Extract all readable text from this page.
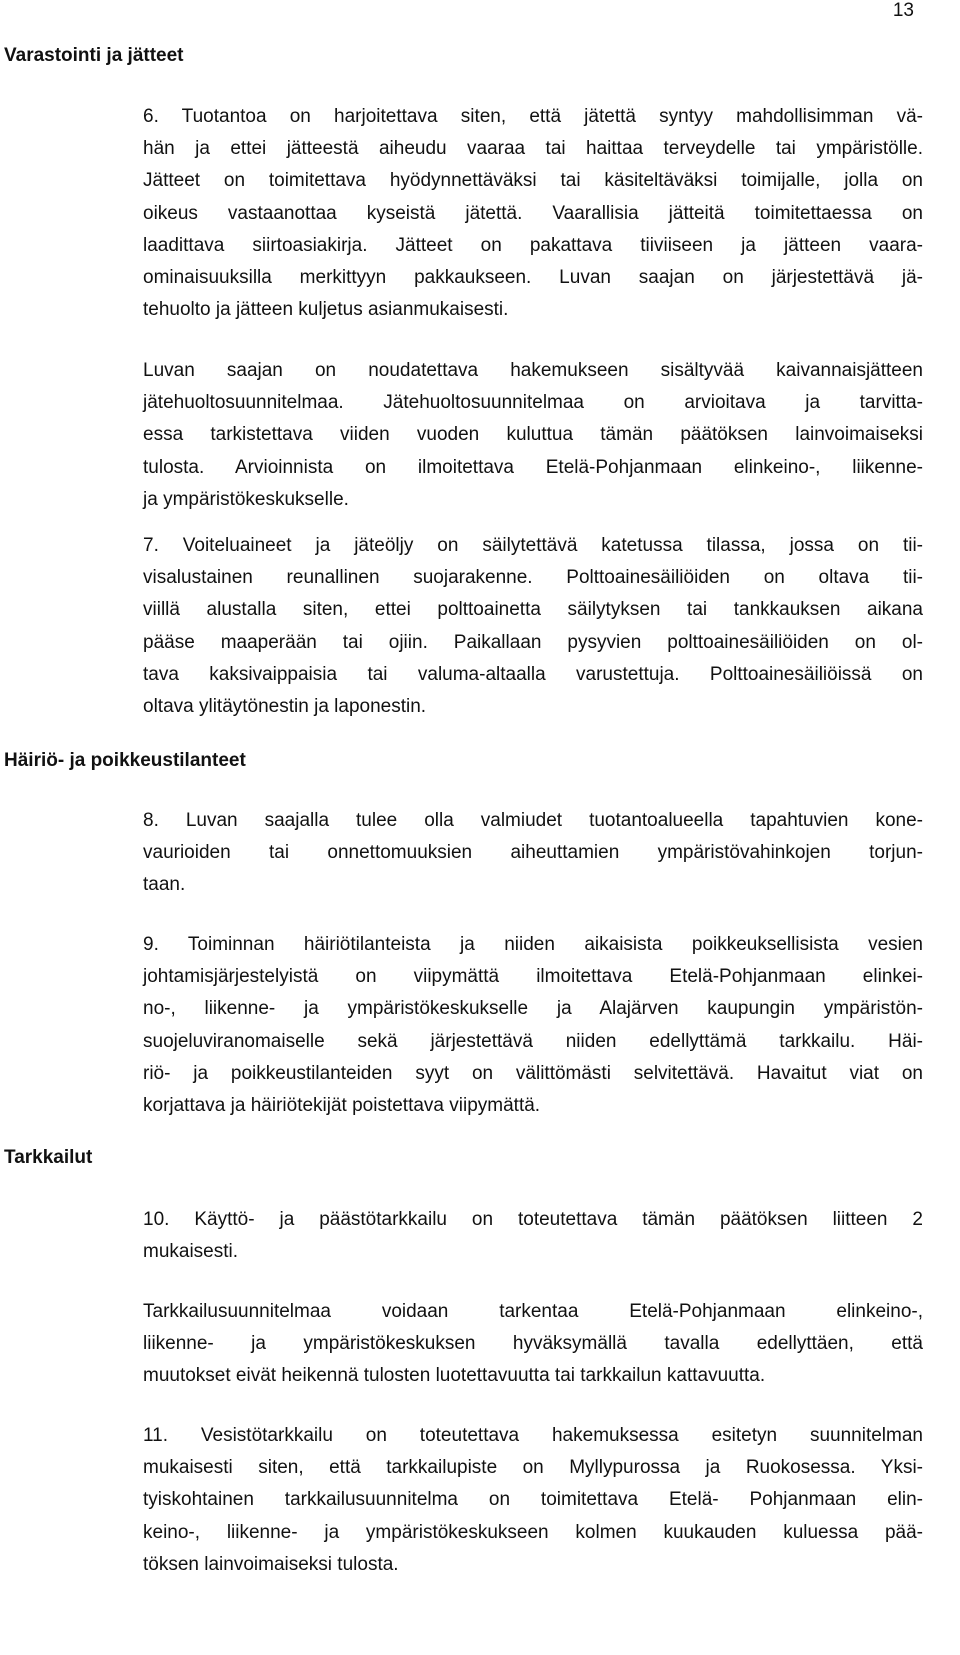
13
Varastointi ja jätteet
6. Tuotantoa on harjoitettava siten, että jätettä syntyy mahdollisimman vä-
hän ja ettei jätteestä aiheudu vaaraa tai haittaa terveydelle tai ympäristölle.
Jätteet on toimitettava hyödynnettäväksi tai käsiteltäväksi toimijalle, jolla on
oikeus vastaanottaa kyseistä jätettä. Vaarallisia jätteitä toimitettaessa on
laadittava siirtoasiakirja. Jätteet on pakattava tiiviiseen ja jätteen vaara-
ominaisuuksilla merkittyyn pakkaukseen. Luvan saajan on järjestettävä jä-
tehuolto ja jätteen kuljetus asianmukaisesti.
Luvan saajan on noudatettava hakemukseen sisältyvää kaivannaisjätteen
jätehuoltosuunnitelmaa. Jätehuoltosuunnitelmaa on arvioitava ja tarvitta-
essa tarkistettava viiden vuoden kuluttua tämän päätöksen lainvoimaiseksi
tulosta. Arvioinnista on ilmoitettava Etelä-Pohjanmaan elinkeino-, liikenne-
ja ympäristökeskukselle.
7. Voiteluaineet ja jäteöljy on säilytettävä katetussa tilassa, jossa on tii-
visalustainen reunallinen suojarakenne. Polttoainesäiliöiden on oltava tii-
viillä alustalla siten, ettei polttoainetta säilytyksen tai tankkauksen aikana
pääse maaperään tai ojiin. Paikallaan pysyvien polttoainesäiliöiden on ol-
tava kaksivaippaisia tai valuma-altaalla varustettuja. Polttoainesäiliöissä on
oltava ylitäytönestin ja laponestin.
Häiriö- ja poikkeustilanteet
8. Luvan saajalla tulee olla valmiudet tuotantoalueella tapahtuvien kone-
vaurioiden tai onnettomuuksien aiheuttamien ympäristövahinkojen torjun-
taan.
9. Toiminnan häiriötilanteista ja niiden aikaisista poikkeuksellisista vesien
johtamisjärjestelyistä on viipymättä ilmoitettava Etelä-Pohjanmaan elinkei-
no-, liikenne- ja ympäristökeskukselle ja Alajärven kaupungin ympäristön-
suojeluviranomaiselle sekä järjestettävä niiden edellyttämä tarkkailu. Häi-
riö- ja poikkeustilanteiden syyt on välittömästi selvitettävä. Havaitut viat on
korjattava ja häiriötekijät poistettava viipymättä.
Tarkkailut
10. Käyttö- ja päästötarkkailu on toteutettava tämän päätöksen liitteen 2
mukaisesti.
Tarkkailusuunnitelmaa voidaan tarkentaa Etelä-Pohjanmaan elinkeino-,
liikenne- ja ympäristökeskuksen hyväksymällä tavalla edellyttäen, että
muutokset eivät heikennä tulosten luotettavuutta tai tarkkailun kattavuutta.
11. Vesistötarkkailu on toteutettava hakemuksessa esitetyn suunnitelman
mukaisesti siten, että tarkkailupiste on Myllypurossa ja Ruokosessa. Yksi-
tyiskohtainen tarkkailusuunnitelma on toimitettava Etelä- Pohjanmaan elin-
keino-, liikenne- ja ympäristökeskukseen kolmen kuukauden kuluessa pää-
töksen lainvoimaiseksi tulosta.
